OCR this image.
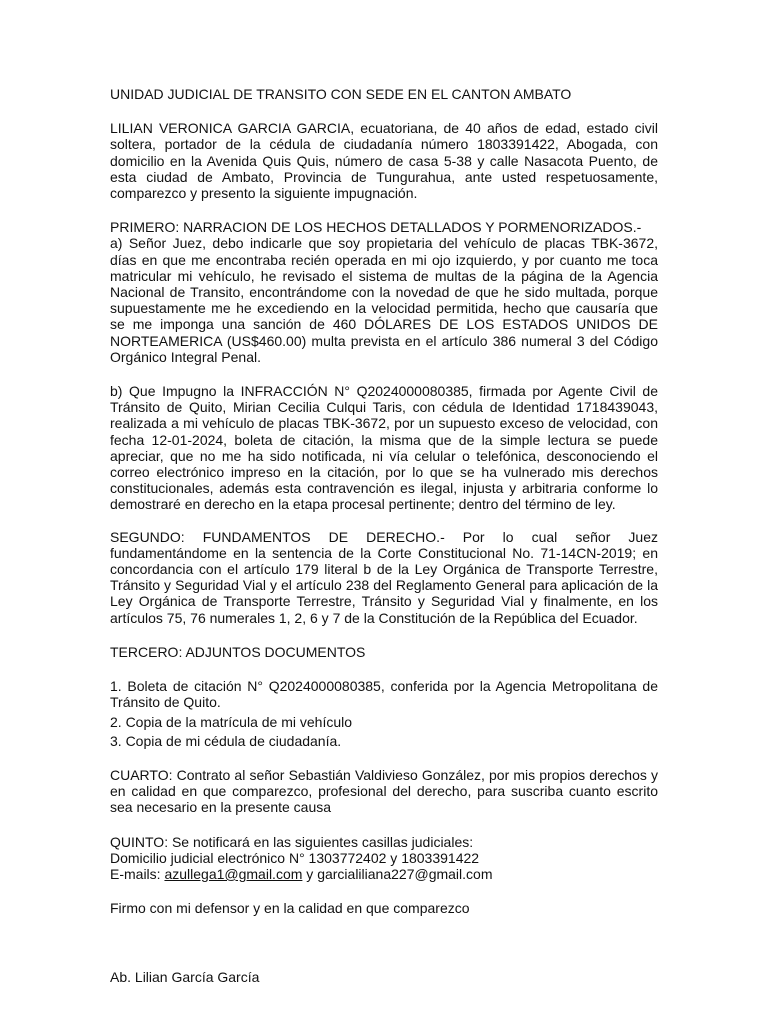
UNIDAD JUDICIAL DE TRANSITO CON SEDE EN EL CANTON AMBATO

LILIAN VERONICA GARCIA GARCIA, ecuatoriana, de 40 años de edad, estado civil soltera, portador de la cédula de ciudadanía número 1803391422, Abogada, con domicilio en la Avenida Quis Quis, número de casa 5-38 y calle Nasacota Puento, de esta ciudad de Ambato, Provincia de Tungurahua, ante usted respetuosamente, comparezco y presento la siguiente impugnación.

PRIMERO: NARRACION DE LOS HECHOS DETALLADOS Y PORMENORIZADOS.-

a) Señor Juez, debo indicarle que soy propietaria del vehículo de placas TBK-3672, días en que me encontraba recién operada en mi ojo izquierdo, y por cuanto me toca matricular mi vehículo, he revisado el sistema de multas de la página de la Agencia Nacional de Transito, encontrándome con la novedad de que he sido multada, porque supuestamente me he excediendo en la velocidad permitida, hecho que causaría que se me imponga una sanción de 460 DÓLARES DE LOS ESTADOS UNIDOS DE NORTEAMERICA (US$460.00) multa prevista en el artículo 386 numeral 3 del Código Orgánico Integral Penal.

b) Que Impugno la INFRACCIÓN N° Q2024000080385, firmada por Agente Civil de Tránsito de Quito, Mirian Cecilia Culqui Taris, con cédula de Identidad 1718439043, realizada a mi vehículo de placas TBK-3672, por un supuesto exceso de velocidad, con fecha 12-01-2024, boleta de citación, la misma que de la simple lectura se puede apreciar, que no me ha sido notificada, ni vía celular o telefónica, desconociendo el correo electrónico impreso en la citación, por lo que se ha vulnerado mis derechos constitucionales, además esta contravención es ilegal, injusta y arbitraria conforme lo demostraré en derecho en la etapa procesal pertinente; dentro del término de ley.

SEGUNDO: FUNDAMENTOS DE DERECHO.- Por lo cual señor Juez fundamentándome en la sentencia de la Corte Constitucional No. 71-14CN-2019; en concordancia con el artículo 179 literal b de la Ley Orgánica de Transporte Terrestre, Tránsito y Seguridad Vial y el artículo 238 del Reglamento General para aplicación de la Ley Orgánica de Transporte Terrestre, Tránsito y Seguridad Vial y finalmente, en los artículos 75, 76 numerales 1, 2, 6 y 7 de la Constitución de la República del Ecuador.

TERCERO: ADJUNTOS DOCUMENTOS

1. Boleta de citación N° Q2024000080385, conferida por la Agencia Metropolitana de Tránsito de Quito.

2. Copia de la matrícula de mi vehículo

3. Copia de mi cédula de ciudadanía.

CUARTO: Contrato al señor Sebastián Valdivieso González, por mis propios derechos y en calidad en que comparezco, profesional del derecho, para suscriba cuanto escrito sea necesario en la presente causa

QUINTO: Se notificará en las siguientes casillas judiciales:

Domicilio judicial electrónico N° 1303772402 y 1803391422

E-mails: azullega1@gmail.com y garcialiliana227@gmail.com

Firmo con mi defensor y en la calidad en que comparezco

Ab. Lilian García García
